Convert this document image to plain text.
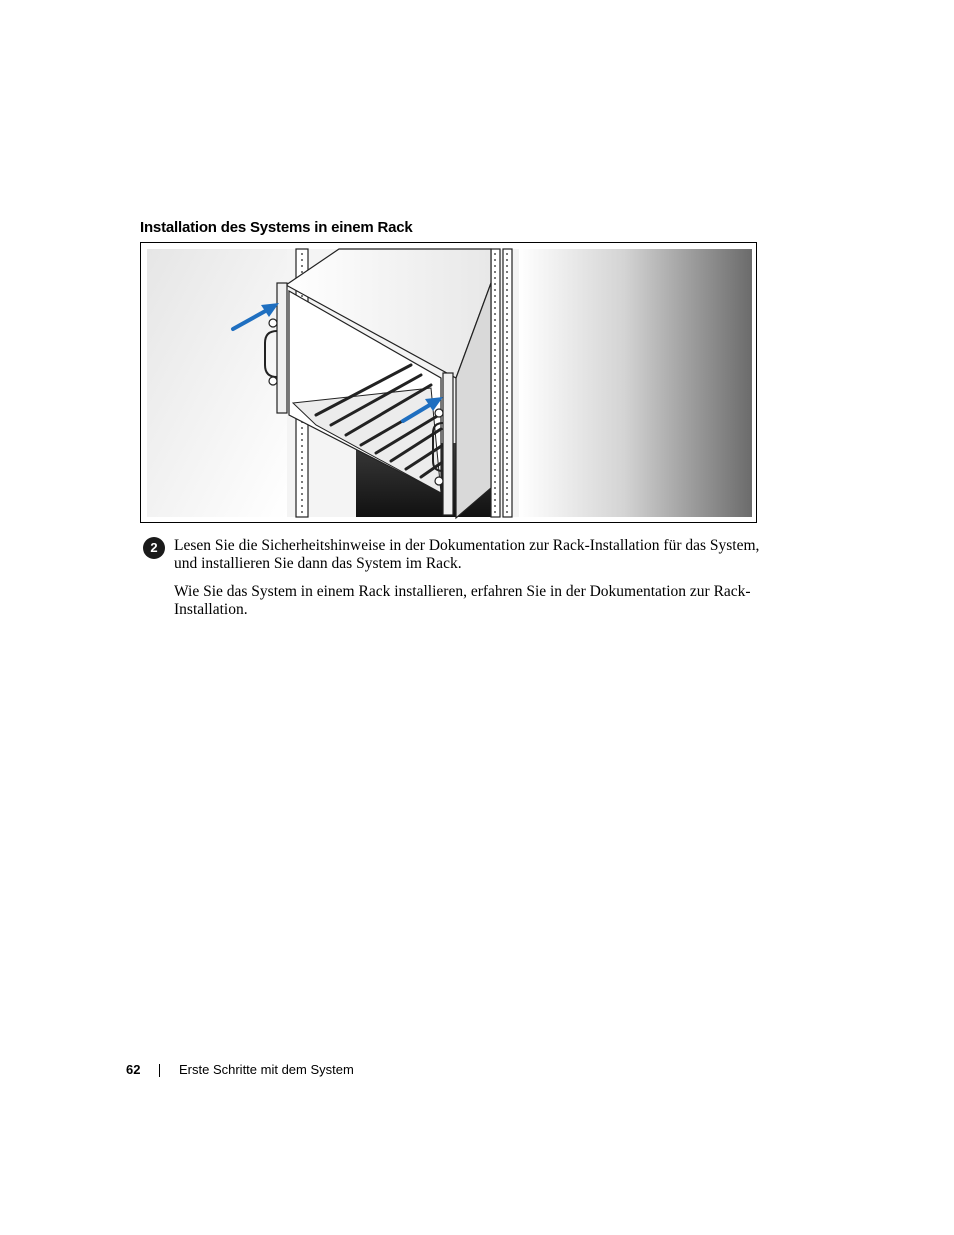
Installation des Systems in einem Rack
2	Lesen Sie die Sicherheitshinweise in der Dokumentation zur Rack-Installation für das System, und installieren Sie dann das System im Rack.
Wie Sie das System in einem Rack installieren, erfahren Sie in der Dokumentation zur Rack-Installation.
62	Erste Schritte mit dem System
